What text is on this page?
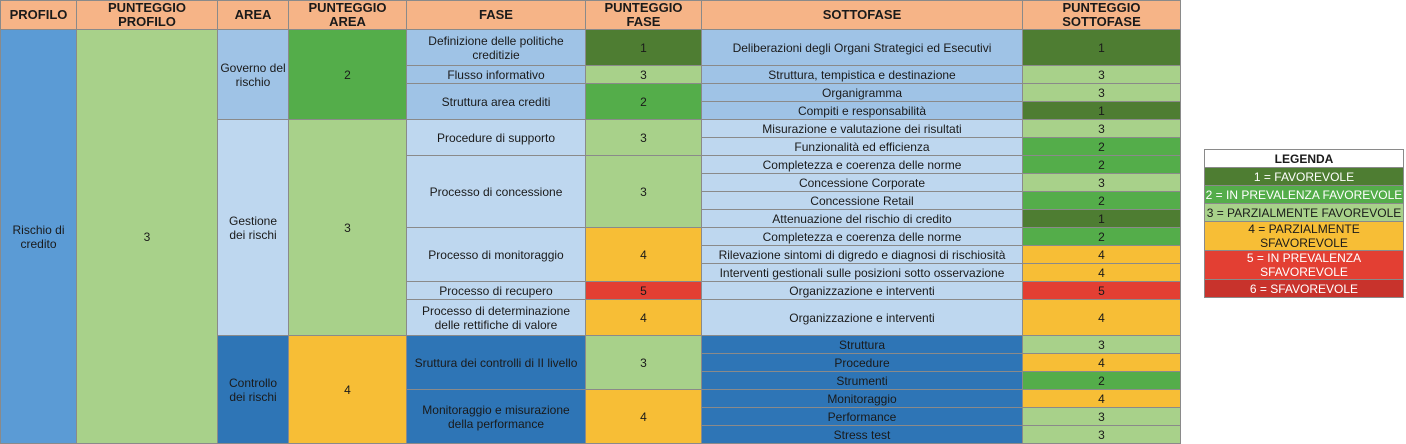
PROFILO	PUNTEGGIO PROFILO	AREA	PUNTEGGIO AREA	FASE	PUNTEGGIO FASE	SOTTOFASE	PUNTEGGIO SOTTOFASE
Rischio di credito	3	Governo del rischio	2	Definizione delle politiche creditizie	1	Deliberazioni degli Organi Strategici ed Esecutivi	1

				Flusso informativo	3	Struttura, tempistica e destinazione	3
				Struttura area crediti	2	Organigramma	3
						Compiti e responsabilità	1
		Gestione dei rischi	3	Procedure di supporto	3	Misurazione e valutazione dei risultati	3
						Funzionalità ed efficienza	2
				Processo di concessione	3	Completezza e coerenza delle norme	2
						Concessione Corporate	3
						Concessione Retail	2
						Attenuazione del rischio di credito	1
				Processo di monitoraggio	4	Completezza e coerenza delle norme	2
						Rilevazione sintomi di digredo e diagnosi di rischiosità	4
						Interventi gestionali sulle posizioni sotto osservazione	4
				Processo di recupero	5	Organizzazione e interventi	5
				Processo di determinazione delle rettifiche di valore	4	Organizzazione e interventi	4

		Controllo dei rischi	4	Sruttura dei controlli di II livello	3	Struttura	3
						Procedure	4
						Strumenti	2
				Monitoraggio e misurazione della performance	4	Monitoraggio	4
						Performance	3
						Stress test	3
LEGENDA
1 = FAVOREVOLE
2 = IN PREVALENZA FAVOREVOLE
3 = PARZIALMENTE FAVOREVOLE
4 = PARZIALMENTE SFAVOREVOLE
5 = IN PREVALENZA SFAVOREVOLE
6 = SFAVOREVOLE
